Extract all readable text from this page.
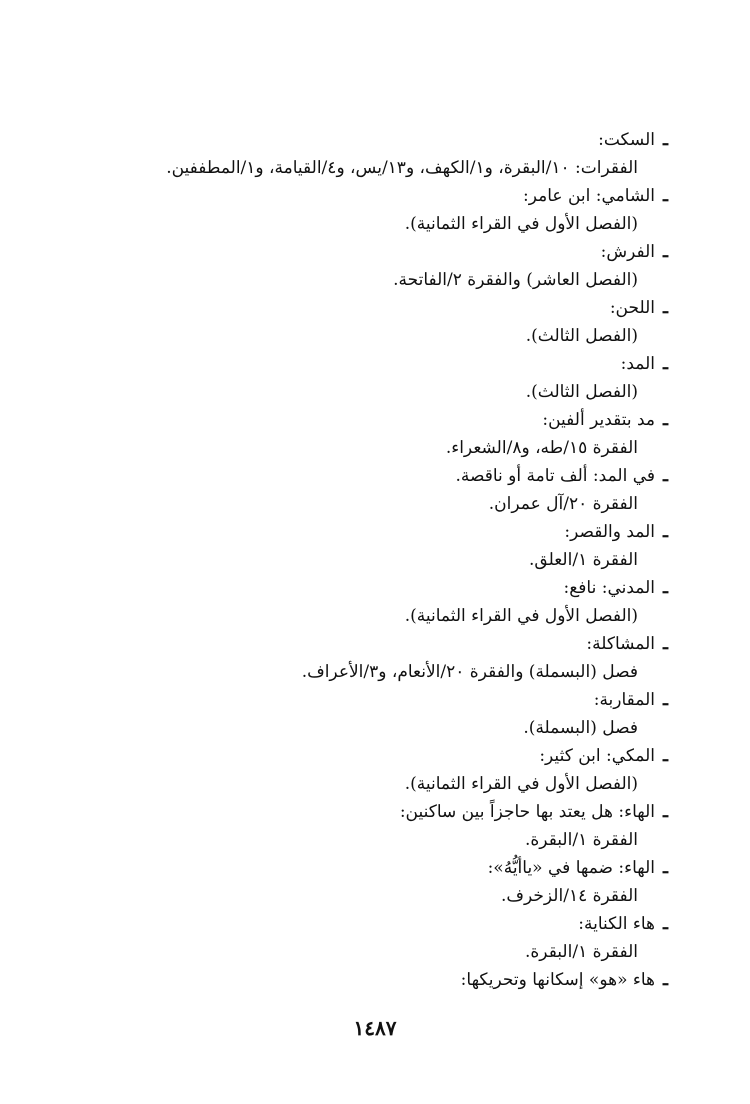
ـالسكت:
الفقرات: ١٠/البقرة، و١/الكهف، و١٣/يس، و٤/القيامة، و١/المطففين.
ـالشامي: ابن عامر:
(الفصل الأول في القراء الثمانية).
ـالفرش:
(الفصل العاشر) والفقرة ٢/الفاتحة.
ـاللحن:
(الفصل الثالث).
ـالمد:
(الفصل الثالث).
ـمد بتقدير ألفين:
الفقرة ١٥/طه، و٨/الشعراء.
ـفي المد: ألف تامة أو ناقصة.
الفقرة ٢٠/آل عمران.
ـالمد والقصر:
الفقرة ١/العلق.
ـالمدني: نافع:
(الفصل الأول في القراء الثمانية).
ـالمشاكلة:
فصل (البسملة) والفقرة ٢٠/الأنعام، و٣/الأعراف.
ـالمقاربة:
فصل (البسملة).
ـالمكي: ابن كثير:
(الفصل الأول في القراء الثمانية).
ـالهاء: هل يعتد بها حاجزاً بين ساكنين:
الفقرة ١/البقرة.
ـالهاء: ضمها في «ياأيُّهُ»:
الفقرة ١٤/الزخرف.
ـهاء الكناية:
الفقرة ١/البقرة.
ـهاء «هو» إسكانها وتحريكها:
١٤٨٧
